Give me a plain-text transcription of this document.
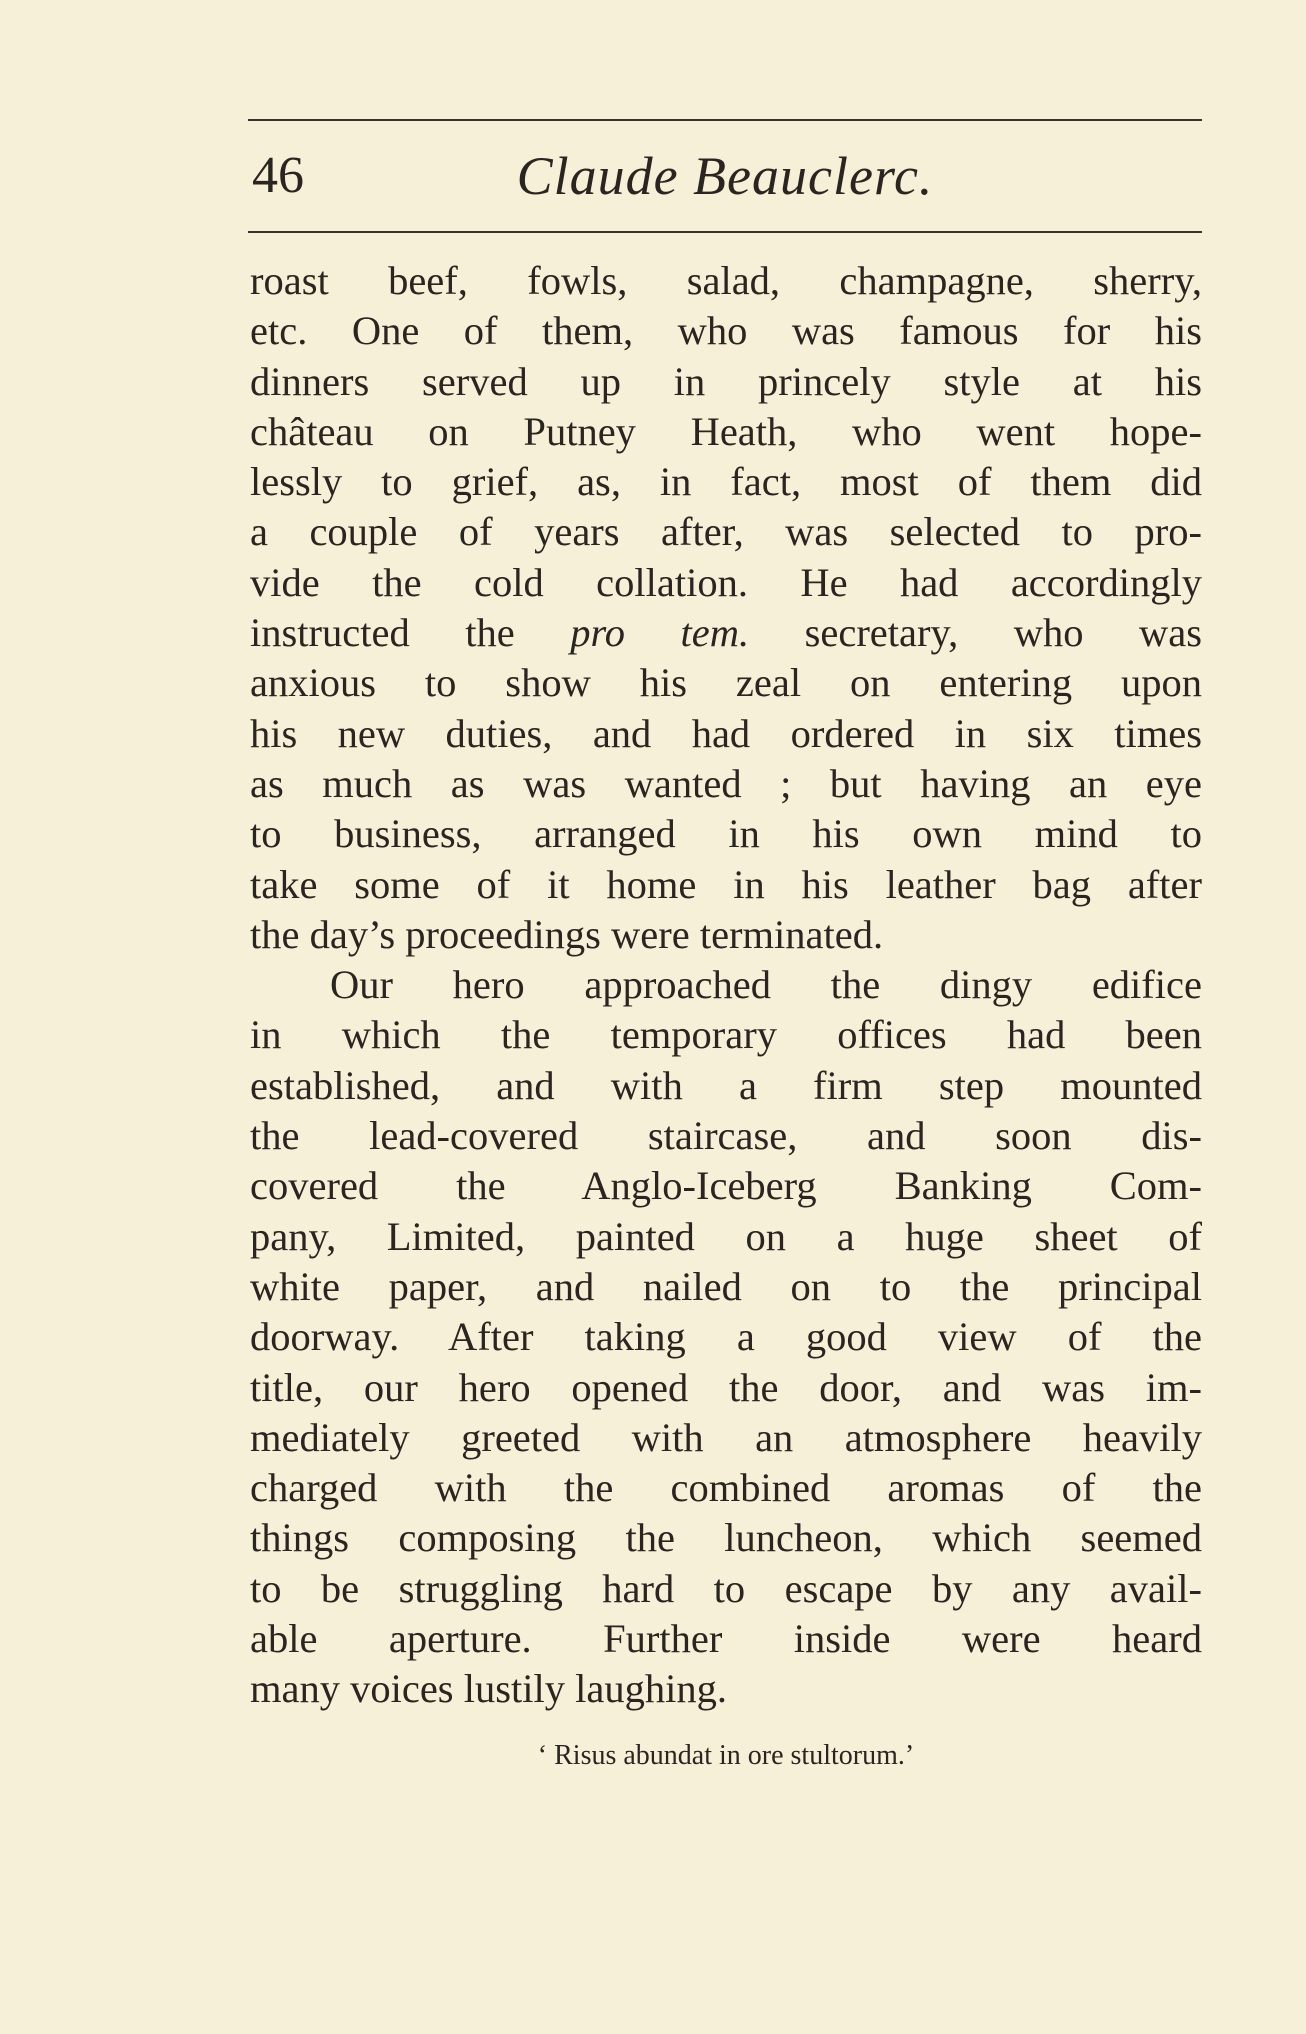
46	Claude Beauclerc.
roast beef, fowls, salad, champagne, sherry,
etc. One of them, who was famous for his
dinners served up in princely style at his
château on Putney Heath, who went hope-
lessly to grief, as, in fact, most of them did
a couple of years after, was selected to pro-
vide the cold collation. He had accordingly
instructed the pro tem. secretary, who was
anxious to show his zeal on entering upon
his new duties, and had ordered in six times
as much as was wanted ; but having an eye
to business, arranged in his own mind to
take some of it home in his leather bag after
the day’s proceedings were terminated.
Our hero approached the dingy edifice
in which the temporary offices had been
established, and with a firm step mounted
the lead-covered staircase, and soon dis-
covered the Anglo-Iceberg Banking Com-
pany, Limited, painted on a huge sheet of
white paper, and nailed on to the principal
doorway. After taking a good view of the
title, our hero opened the door, and was im-
mediately greeted with an atmosphere heavily
charged with the combined aromas of the
things composing the luncheon, which seemed
to be struggling hard to escape by any avail-
able aperture. Further inside were heard
many voices lustily laughing.
‘ Risus abundat in ore stultorum.’
